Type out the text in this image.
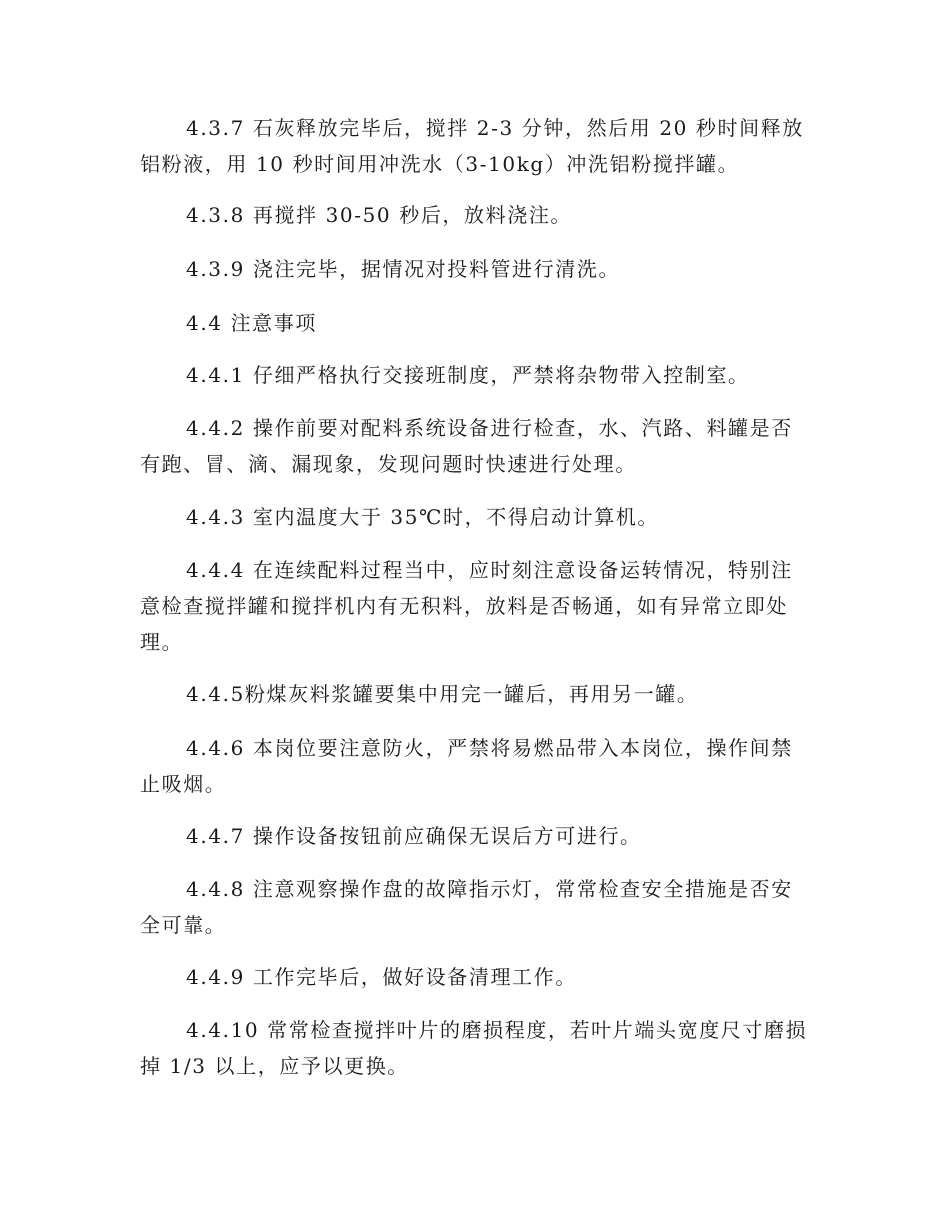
4.3.7 石灰释放完毕后，搅拌 2-3 分钟，然后用 20 秒时间释放铝粉液，用 10 秒时间用冲洗水（3-10kg）冲洗铝粉搅拌罐。

4.3.8 再搅拌 30-50 秒后，放料浇注。

4.3.9 浇注完毕，据情况对投料管进行清洗。

4.4 注意事项

4.4.1 仔细严格执行交接班制度，严禁将杂物带入控制室。

4.4.2 操作前要对配料系统设备进行检查，水、汽路、料罐是否有跑、冒、滴、漏现象，发现问题时快速进行处理。

4.4.3 室内温度大于 35℃时，不得启动计算机。

4.4.4 在连续配料过程当中，应时刻注意设备运转情况，特别注意检查搅拌罐和搅拌机内有无积料，放料是否畅通，如有异常立即处理。

4.4.5粉煤灰料浆罐要集中用完一罐后，再用另一罐。

4.4.6 本岗位要注意防火，严禁将易燃品带入本岗位，操作间禁止吸烟。

4.4.7 操作设备按钮前应确保无误后方可进行。

4.4.8 注意观察操作盘的故障指示灯，常常检查安全措施是否安全可靠。

4.4.9 工作完毕后，做好设备清理工作。

4.4.10 常常检查搅拌叶片的磨损程度，若叶片端头宽度尺寸磨损掉 1/3 以上，应予以更换。
